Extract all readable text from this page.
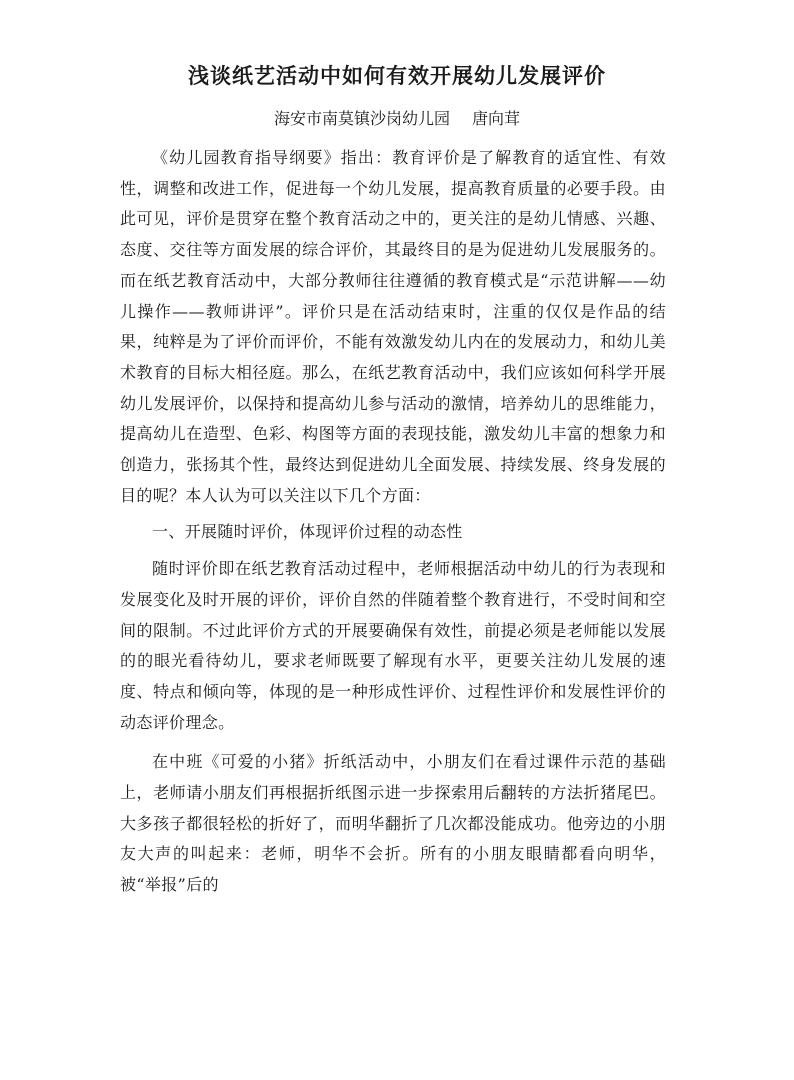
浅谈纸艺活动中如何有效开展幼儿发展评价
海安市南莫镇沙岗幼儿园 唐向茸

《幼儿园教育指导纲要》指出：教育评价是了解教育的适宜性、有效性，调整和改进工作，促进每一个幼儿发展，提高教育质量的必要手段。由此可见，评价是贯穿在整个教育活动之中的，更关注的是幼儿情感、兴趣、态度、交往等方面发展的综合评价，其最终目的是为促进幼儿发展服务的。而在纸艺教育活动中，大部分教师往往遵循的教育模式是“示范讲解——幼儿操作——教师讲评”。评价只是在活动结束时，注重的仅仅是作品的结果，纯粹是为了评价而评价，不能有效激发幼儿内在的发展动力，和幼儿美术教育的目标大相径庭。那么，在纸艺教育活动中，我们应该如何科学开展幼儿发展评价，以保持和提高幼儿参与活动的激情，培养幼儿的思维能力，提高幼儿在造型、色彩、构图等方面的表现技能，激发幼儿丰富的想象力和创造力，张扬其个性，最终达到促进幼儿全面发展、持续发展、终身发展的目的呢？本人认为可以关注以下几个方面：

一、开展随时评价，体现评价过程的动态性

随时评价即在纸艺教育活动过程中，老师根据活动中幼儿的行为表现和发展变化及时开展的评价，评价自然的伴随着整个教育进行，不受时间和空间的限制。不过此评价方式的开展要确保有效性，前提必须是老师能以发展的的眼光看待幼儿，要求老师既要了解现有水平，更要关注幼儿发展的速度、特点和倾向等，体现的是一种形成性评价、过程性评价和发展性评价的动态评价理念。

在中班《可爱的小猪》折纸活动中，小朋友们在看过课件示范的基础上，老师请小朋友们再根据折纸图示进一步探索用后翻转的方法折猪尾巴。大多孩子都很轻松的折好了，而明华翻折了几次都没能成功。他旁边的小朋友大声的叫起来：老师，明华不会折。所有的小朋友眼睛都看向明华，被“举报”后的
